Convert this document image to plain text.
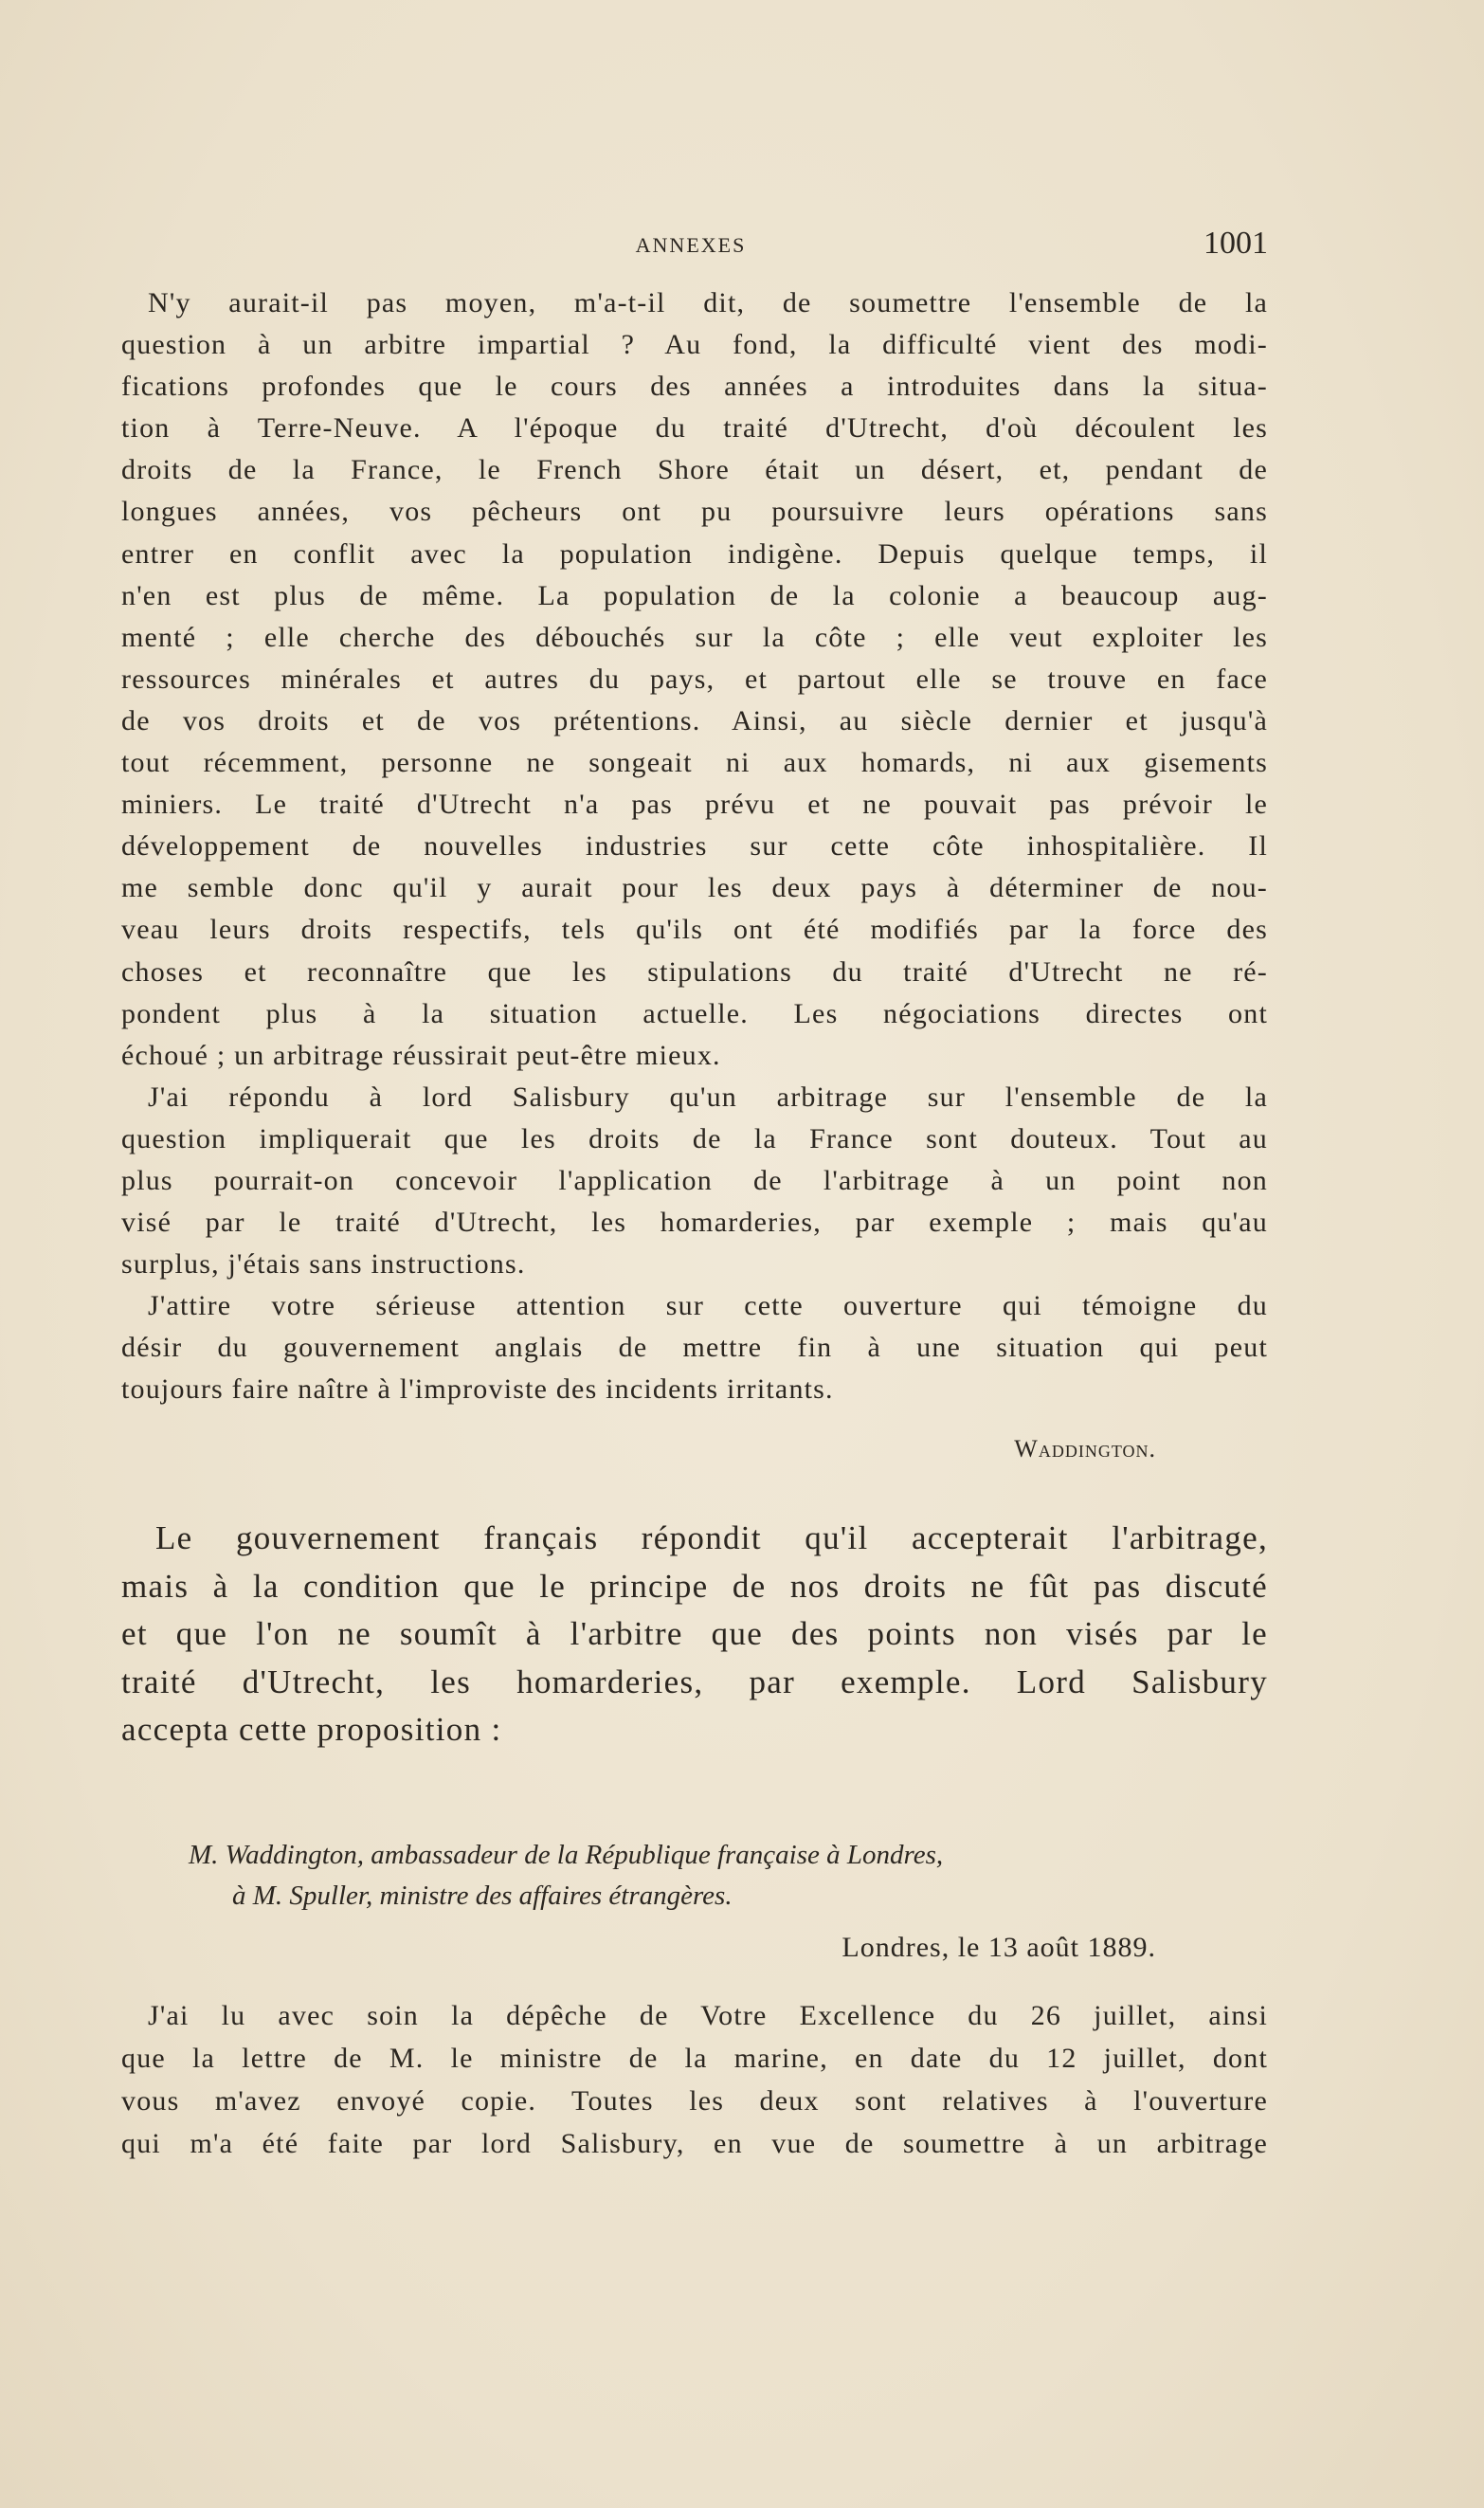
ANNEXES	1001
N'y aurait-il pas moyen, m'a-t-il dit, de soumettre l'ensemble de la
question à un arbitre impartial ? Au fond, la difficulté vient des modi-
fications profondes que le cours des années a introduites dans la situa-
tion à Terre-Neuve. A l'époque du traité d'Utrecht, d'où découlent les
droits de la France, le French Shore était un désert, et, pendant de
longues années, vos pêcheurs ont pu poursuivre leurs opérations sans
entrer en conflit avec la population indigène. Depuis quelque temps, il
n'en est plus de même. La population de la colonie a beaucoup aug-
menté ; elle cherche des débouchés sur la côte ; elle veut exploiter les
ressources minérales et autres du pays, et partout elle se trouve en face
de vos droits et de vos prétentions. Ainsi, au siècle dernier et jusqu'à
tout récemment, personne ne songeait ni aux homards, ni aux gisements
miniers. Le traité d'Utrecht n'a pas prévu et ne pouvait pas prévoir le
développement de nouvelles industries sur cette côte inhospitalière. Il
me semble donc qu'il y aurait pour les deux pays à déterminer de nou-
veau leurs droits respectifs, tels qu'ils ont été modifiés par la force des
choses et reconnaître que les stipulations du traité d'Utrecht ne ré-
pondent plus à la situation actuelle. Les négociations directes ont
échoué ; un arbitrage réussirait peut-être mieux.
J'ai répondu à lord Salisbury qu'un arbitrage sur l'ensemble de la
question impliquerait que les droits de la France sont douteux. Tout au
plus pourrait-on concevoir l'application de l'arbitrage à un point non
visé par le traité d'Utrecht, les homarderies, par exemple ; mais qu'au
surplus, j'étais sans instructions.
J'attire votre sérieuse attention sur cette ouverture qui témoigne du
désir du gouvernement anglais de mettre fin à une situation qui peut
toujours faire naître à l'improviste des incidents irritants.
Waddington.
Le gouvernement français répondit qu'il accepterait l'arbitrage,
mais à la condition que le principe de nos droits ne fût pas discuté
et que l'on ne soumît à l'arbitre que des points non visés par le
traité d'Utrecht, les homarderies, par exemple. Lord Salisbury
accepta cette proposition :
M. Waddington, ambassadeur de la République française à Londres,
à M. Spuller, ministre des affaires étrangères.
Londres, le 13 août 1889.
J'ai lu avec soin la dépêche de Votre Excellence du 26 juillet, ainsi
que la lettre de M. le ministre de la marine, en date du 12 juillet, dont
vous m'avez envoyé copie. Toutes les deux sont relatives à l'ouverture
qui m'a été faite par lord Salisbury, en vue de soumettre à un arbitrage
